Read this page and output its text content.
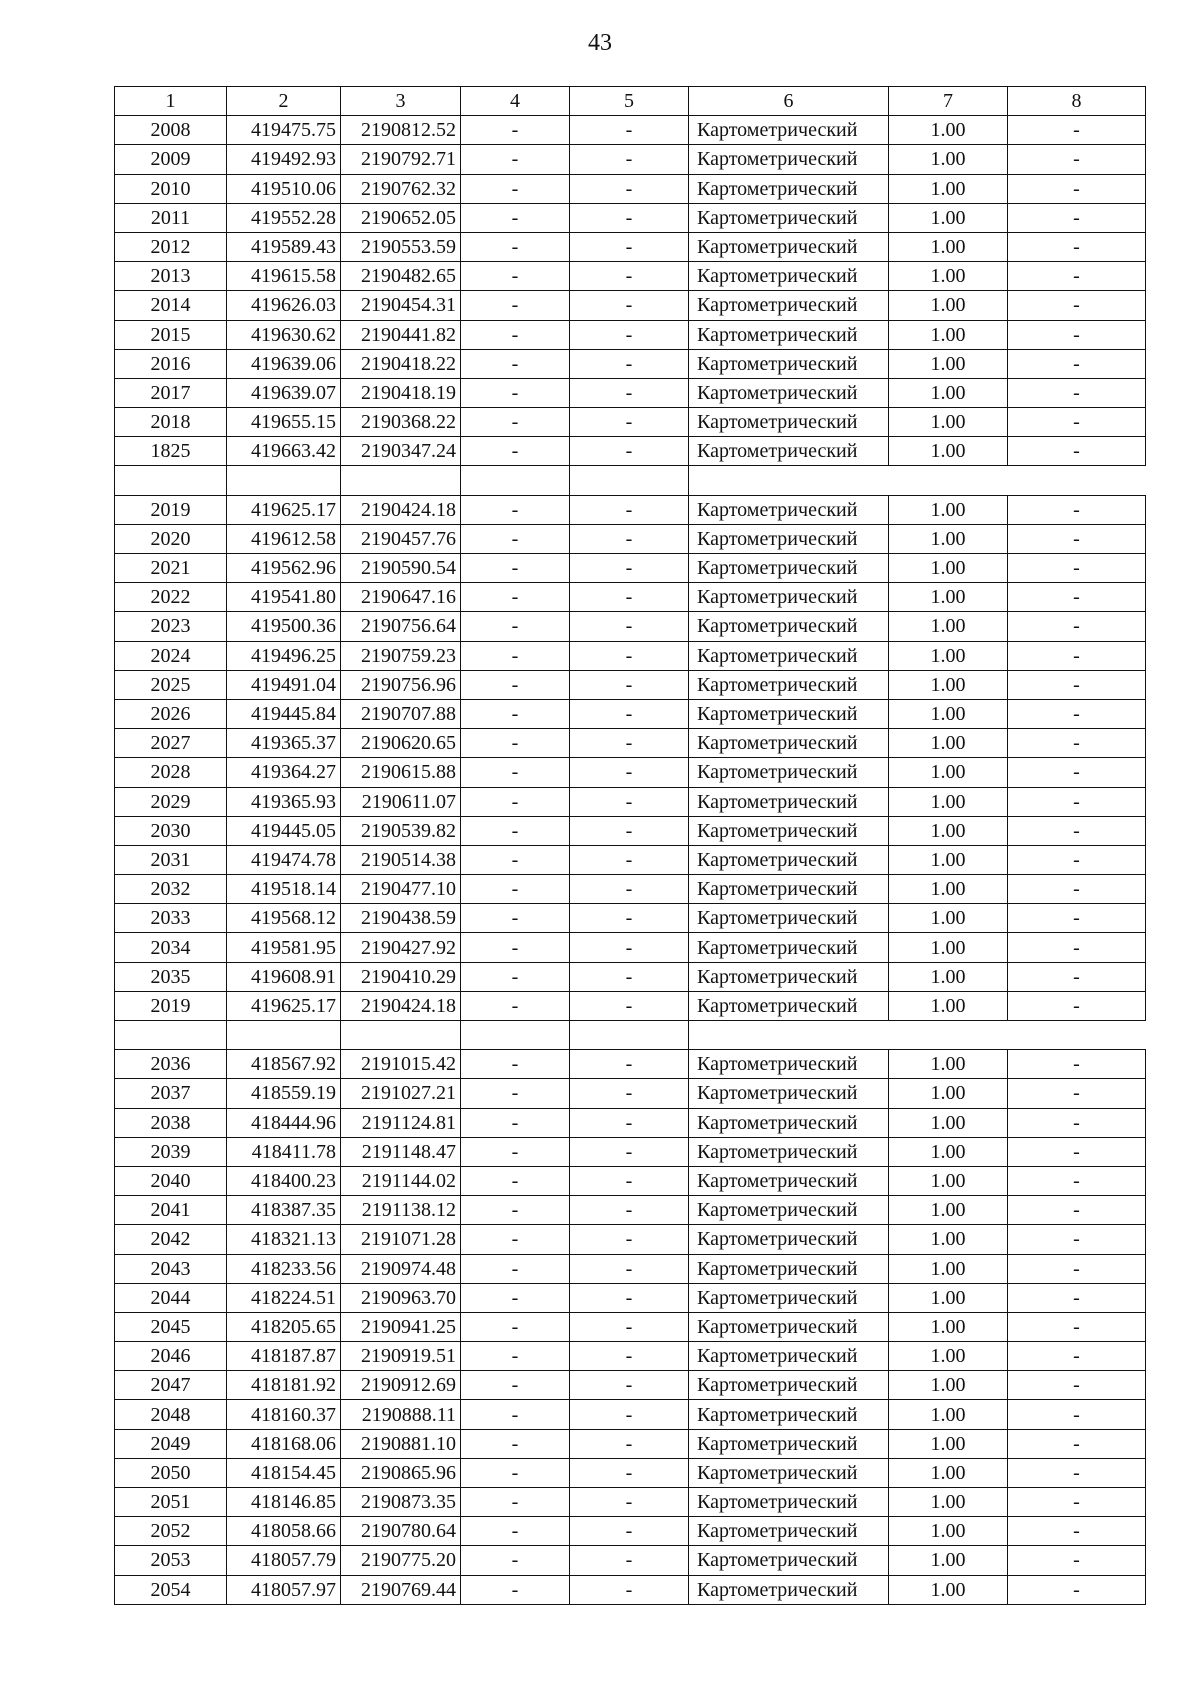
43
1	2	3	4	5	6	7	8
2008	419475.75	2190812.52	-	-	Картометрический	1.00	-
2009	419492.93	2190792.71	-	-	Картометрический	1.00	-
2010	419510.06	2190762.32	-	-	Картометрический	1.00	-
2011	419552.28	2190652.05	-	-	Картометрический	1.00	-
2012	419589.43	2190553.59	-	-	Картометрический	1.00	-
2013	419615.58	2190482.65	-	-	Картометрический	1.00	-
2014	419626.03	2190454.31	-	-	Картометрический	1.00	-
2015	419630.62	2190441.82	-	-	Картометрический	1.00	-
2016	419639.06	2190418.22	-	-	Картометрический	1.00	-
2017	419639.07	2190418.19	-	-	Картометрический	1.00	-
2018	419655.15	2190368.22	-	-	Картометрический	1.00	-
1825	419663.42	2190347.24	-	-	Картометрический	1.00	-

2019	419625.17	2190424.18	-	-	Картометрический	1.00	-
2020	419612.58	2190457.76	-	-	Картометрический	1.00	-
2021	419562.96	2190590.54	-	-	Картометрический	1.00	-
2022	419541.80	2190647.16	-	-	Картометрический	1.00	-
2023	419500.36	2190756.64	-	-	Картометрический	1.00	-
2024	419496.25	2190759.23	-	-	Картометрический	1.00	-
2025	419491.04	2190756.96	-	-	Картометрический	1.00	-
2026	419445.84	2190707.88	-	-	Картометрический	1.00	-
2027	419365.37	2190620.65	-	-	Картометрический	1.00	-
2028	419364.27	2190615.88	-	-	Картометрический	1.00	-
2029	419365.93	2190611.07	-	-	Картометрический	1.00	-
2030	419445.05	2190539.82	-	-	Картометрический	1.00	-
2031	419474.78	2190514.38	-	-	Картометрический	1.00	-
2032	419518.14	2190477.10	-	-	Картометрический	1.00	-
2033	419568.12	2190438.59	-	-	Картометрический	1.00	-
2034	419581.95	2190427.92	-	-	Картометрический	1.00	-
2035	419608.91	2190410.29	-	-	Картометрический	1.00	-
2019	419625.17	2190424.18	-	-	Картометрический	1.00	-

2036	418567.92	2191015.42	-	-	Картометрический	1.00	-
2037	418559.19	2191027.21	-	-	Картометрический	1.00	-
2038	418444.96	2191124.81	-	-	Картометрический	1.00	-
2039	418411.78	2191148.47	-	-	Картометрический	1.00	-
2040	418400.23	2191144.02	-	-	Картометрический	1.00	-
2041	418387.35	2191138.12	-	-	Картометрический	1.00	-
2042	418321.13	2191071.28	-	-	Картометрический	1.00	-
2043	418233.56	2190974.48	-	-	Картометрический	1.00	-
2044	418224.51	2190963.70	-	-	Картометрический	1.00	-
2045	418205.65	2190941.25	-	-	Картометрический	1.00	-
2046	418187.87	2190919.51	-	-	Картометрический	1.00	-
2047	418181.92	2190912.69	-	-	Картометрический	1.00	-
2048	418160.37	2190888.11	-	-	Картометрический	1.00	-
2049	418168.06	2190881.10	-	-	Картометрический	1.00	-
2050	418154.45	2190865.96	-	-	Картометрический	1.00	-
2051	418146.85	2190873.35	-	-	Картометрический	1.00	-
2052	418058.66	2190780.64	-	-	Картометрический	1.00	-
2053	418057.79	2190775.20	-	-	Картометрический	1.00	-
2054	418057.97	2190769.44	-	-	Картометрический	1.00	-
